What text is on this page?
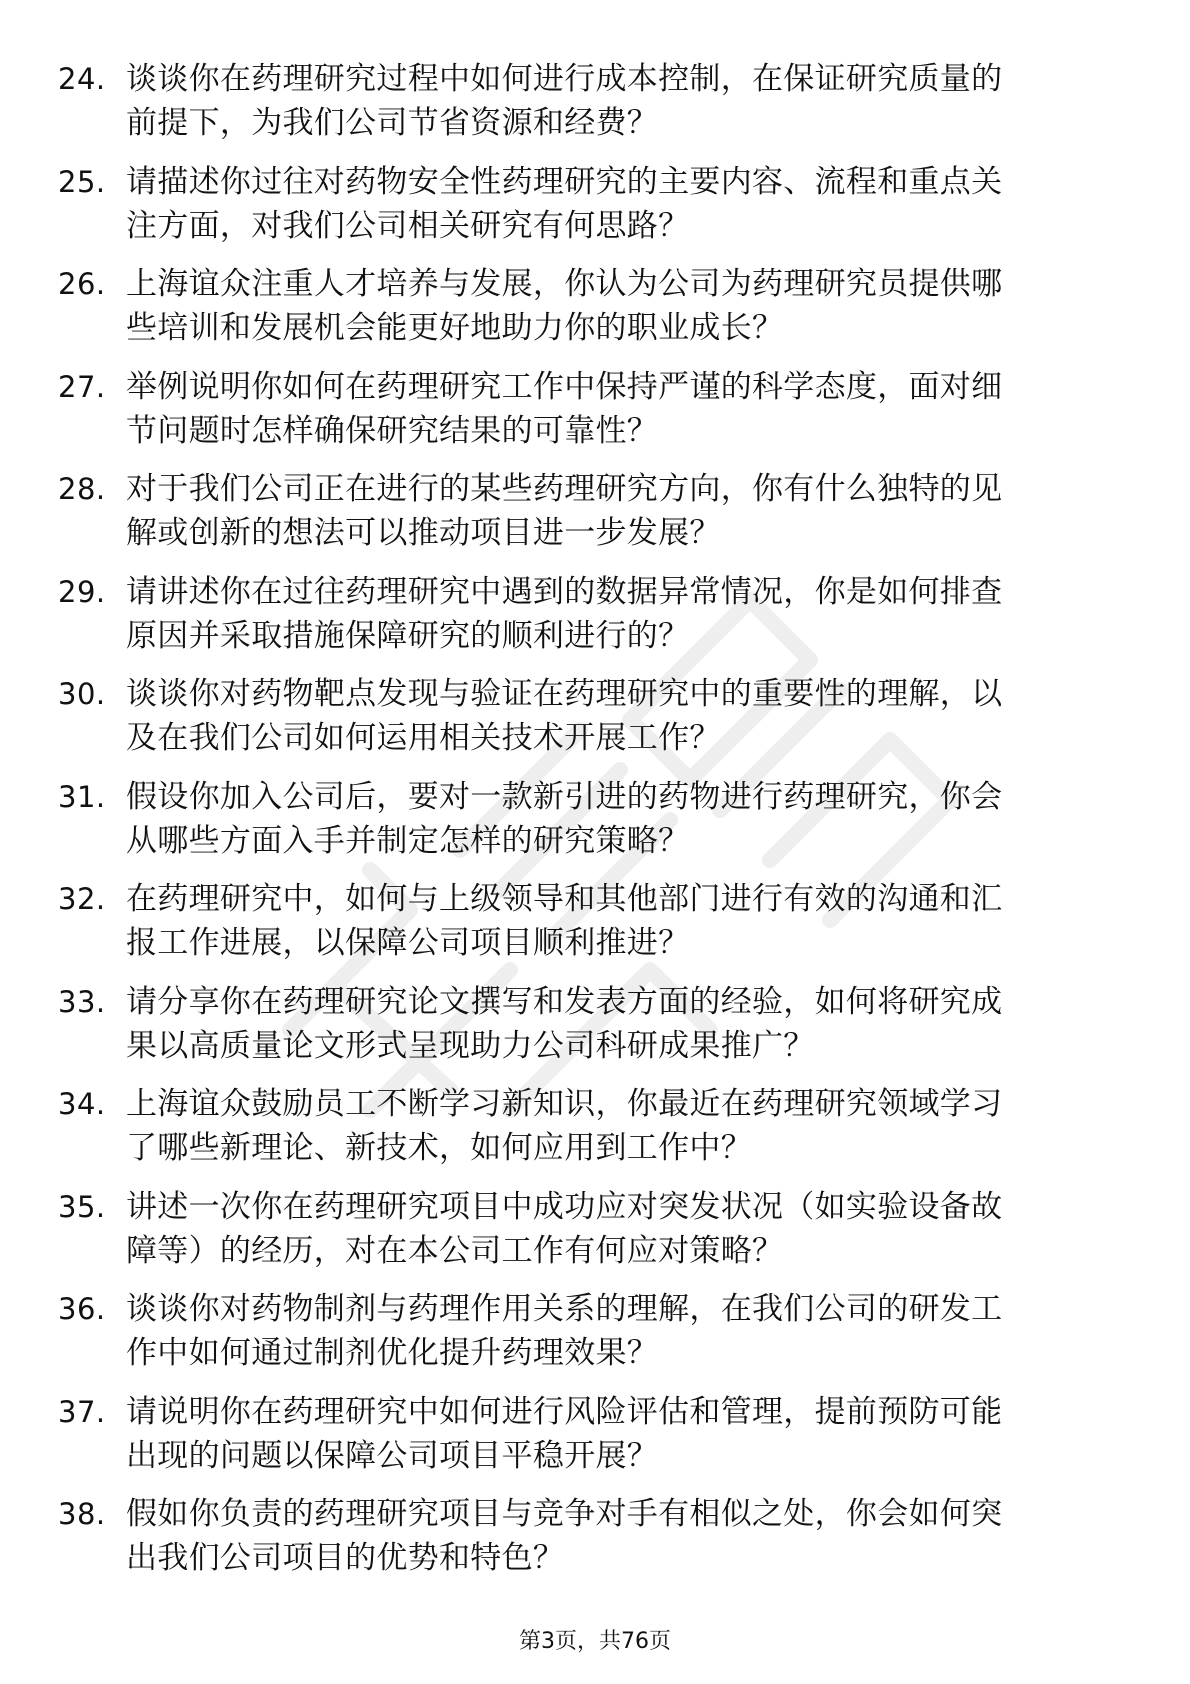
24. 谈谈你在药理研究过程中如何进行成本控制，在保证研究质量的
前提下，为我们公司节省资源和经费？
25. 请描述你过往对药物安全性药理研究的主要内容、流程和重点关
注方面，对我们公司相关研究有何思路？
26. 上海谊众注重人才培养与发展，你认为公司为药理研究员提供哪
些培训和发展机会能更好地助力你的职业成长？
27. 举例说明你如何在药理研究工作中保持严谨的科学态度，面对细
节问题时怎样确保研究结果的可靠性？
28. 对于我们公司正在进行的某些药理研究方向，你有什么独特的见
解或创新的想法可以推动项目进一步发展？
29. 请讲述你在过往药理研究中遇到的数据异常情况，你是如何排查
原因并采取措施保障研究的顺利进行的？
30. 谈谈你对药物靶点发现与验证在药理研究中的重要性的理解，以
及在我们公司如何运用相关技术开展工作？
31. 假设你加入公司后，要对一款新引进的药物进行药理研究，你会
从哪些方面入手并制定怎样的研究策略？
32. 在药理研究中，如何与上级领导和其他部门进行有效的沟通和汇
报工作进展，以保障公司项目顺利推进？
33. 请分享你在药理研究论文撰写和发表方面的经验，如何将研究成
果以高质量论文形式呈现助力公司科研成果推广？
34. 上海谊众鼓励员工不断学习新知识，你最近在药理研究领域学习
了哪些新理论、新技术，如何应用到工作中？
35. 讲述一次你在药理研究项目中成功应对突发状况（如实验设备故
障等）的经历，对在本公司工作有何应对策略？
36. 谈谈你对药物制剂与药理作用关系的理解，在我们公司的研发工
作中如何通过制剂优化提升药理效果？
37. 请说明你在药理研究中如何进行风险评估和管理，提前预防可能
出现的问题以保障公司项目平稳开展？
38. 假如你负责的药理研究项目与竞争对手有相似之处，你会如何突
出我们公司项目的优势和特色？
第3页，共76页
